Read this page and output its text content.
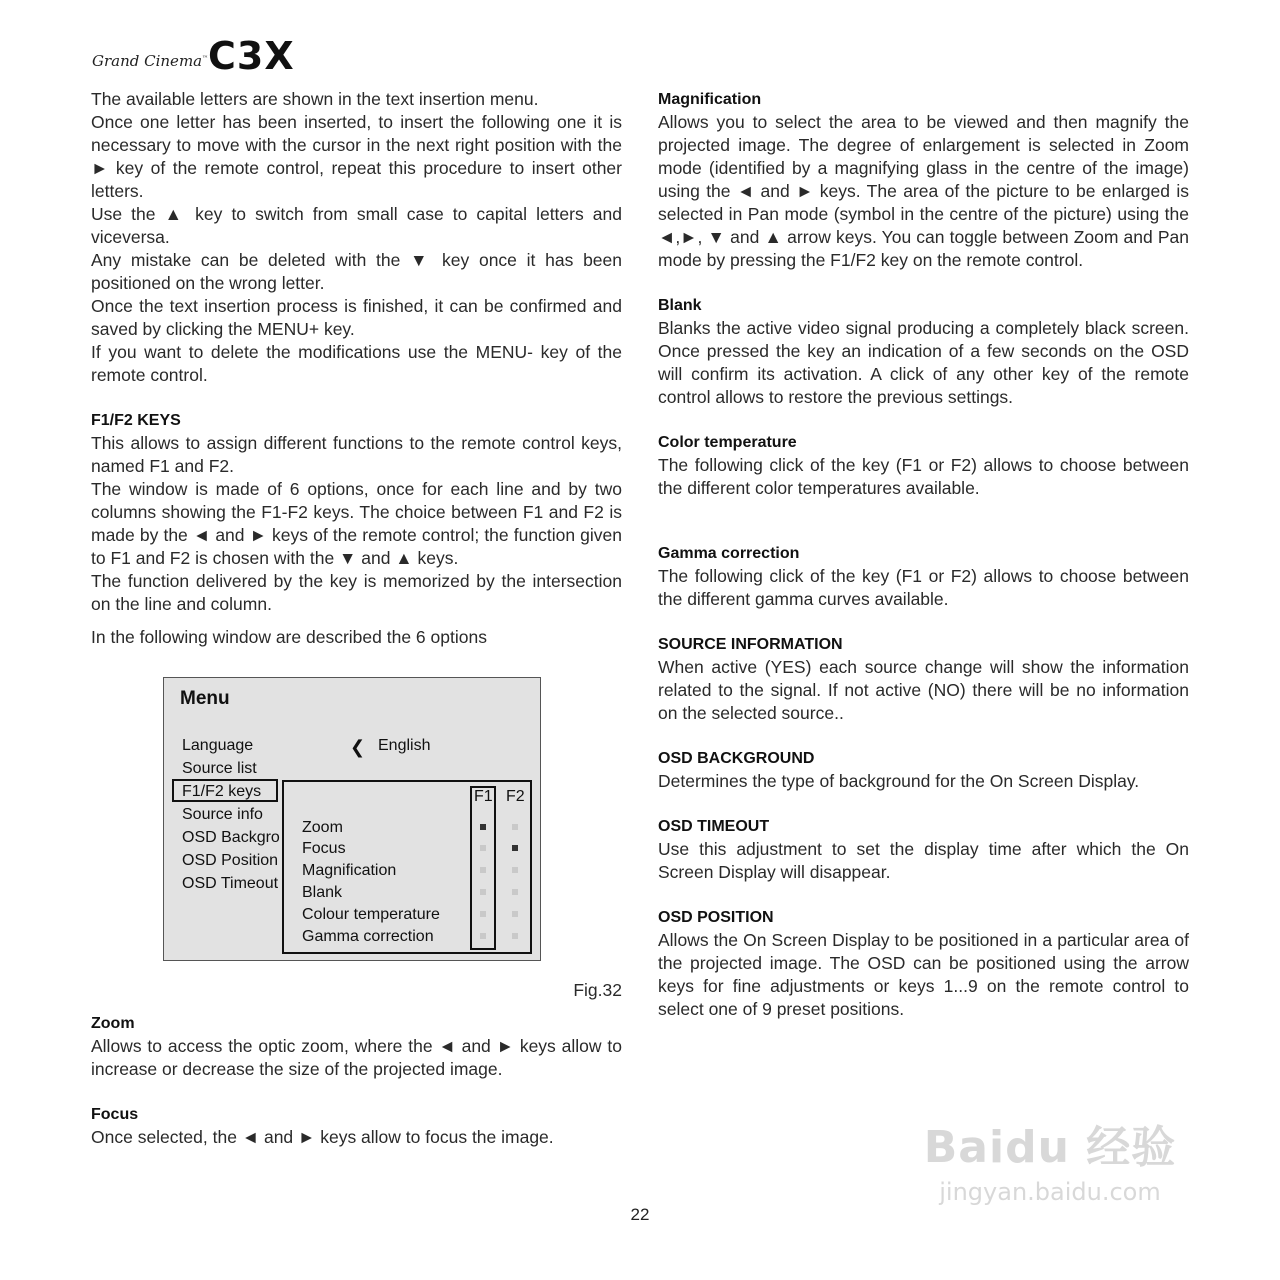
Grand Cinema™ C3X

The available letters are shown in the text insertion menu.

Once one letter has been inserted, to insert the following one it is necessary to move with the cursor in the next right position with the ► key of the remote control, repeat this procedure to insert other letters.

Use the ▲ key to switch from small case to capital letters and viceversa.

Any mistake can be deleted with the ▼ key once it has been positioned on the wrong letter.

Once the text insertion process is finished, it can be confirmed and saved by clicking the MENU+ key.

If you want to delete the modifications use the MENU- key of the remote control.

F1/F2 KEYS

This allows to assign different functions to the remote control keys, named F1 and F2.

The window is made of 6 options, once for each line and by two columns showing the F1-F2 keys. The choice between F1 and F2 is made by the ◄ and ► keys of the remote control; the function given to F1 and F2 is chosen with the ▼ and ▲ keys.

The function delivered by the key is memorized by the intersection on the line and column.

In the following window are described the 6 options

Menu
Language	❮ English
Source list
F1/F2 keys
Source info
OSD Backgro
OSD Position
OSD Timeout
F1 F2
Zoom
Focus
Magnification
Blank
Colour temperature
Gamma correction
Fig.32
Zoom

Allows to access the optic zoom, where the ◄ and ► keys allow to increase or decrease the size of the projected image.

Focus

Once selected, the ◄ and ► keys allow to focus the image.

Magnification

Allows you to select the area to be viewed and then magnify the projected image. The degree of enlargement is selected in Zoom mode (identified by a magnifying glass in the centre of the image) using the ◄ and ► keys. The area of the picture to be enlarged is selected in Pan mode (symbol in the centre of the picture) using the ◄,►, ▼ and ▲ arrow keys. You can toggle between Zoom and Pan mode by pressing the F1/F2 key on the remote control.

Blank

Blanks the active video signal producing a completely black screen. Once pressed the key an indication of a few seconds on the OSD will confirm its activation. A click of any other key of the remote control allows to restore the previous settings.

Color temperature

The following click of the key (F1 or F2) allows to choose between the different color temperatures available.

Gamma correction

The following click of the key (F1 or F2) allows to choose between the different gamma curves available.

SOURCE INFORMATION

When active (YES) each source change will show the information related to the signal. If not active (NO) there will be no information on the selected source..

OSD BACKGROUND

Determines the type of background for the On Screen Display.

OSD TIMEOUT

Use this adjustment to set the display time after which the On Screen Display will disappear.

OSD POSITION

Allows the On Screen Display to be positioned in a particular area of the projected image. The OSD can be positioned using the arrow keys for fine adjustments or keys 1...9 on the remote control to select one of 9 preset positions.

Baidu 经验
jingyan.baidu.com
22
